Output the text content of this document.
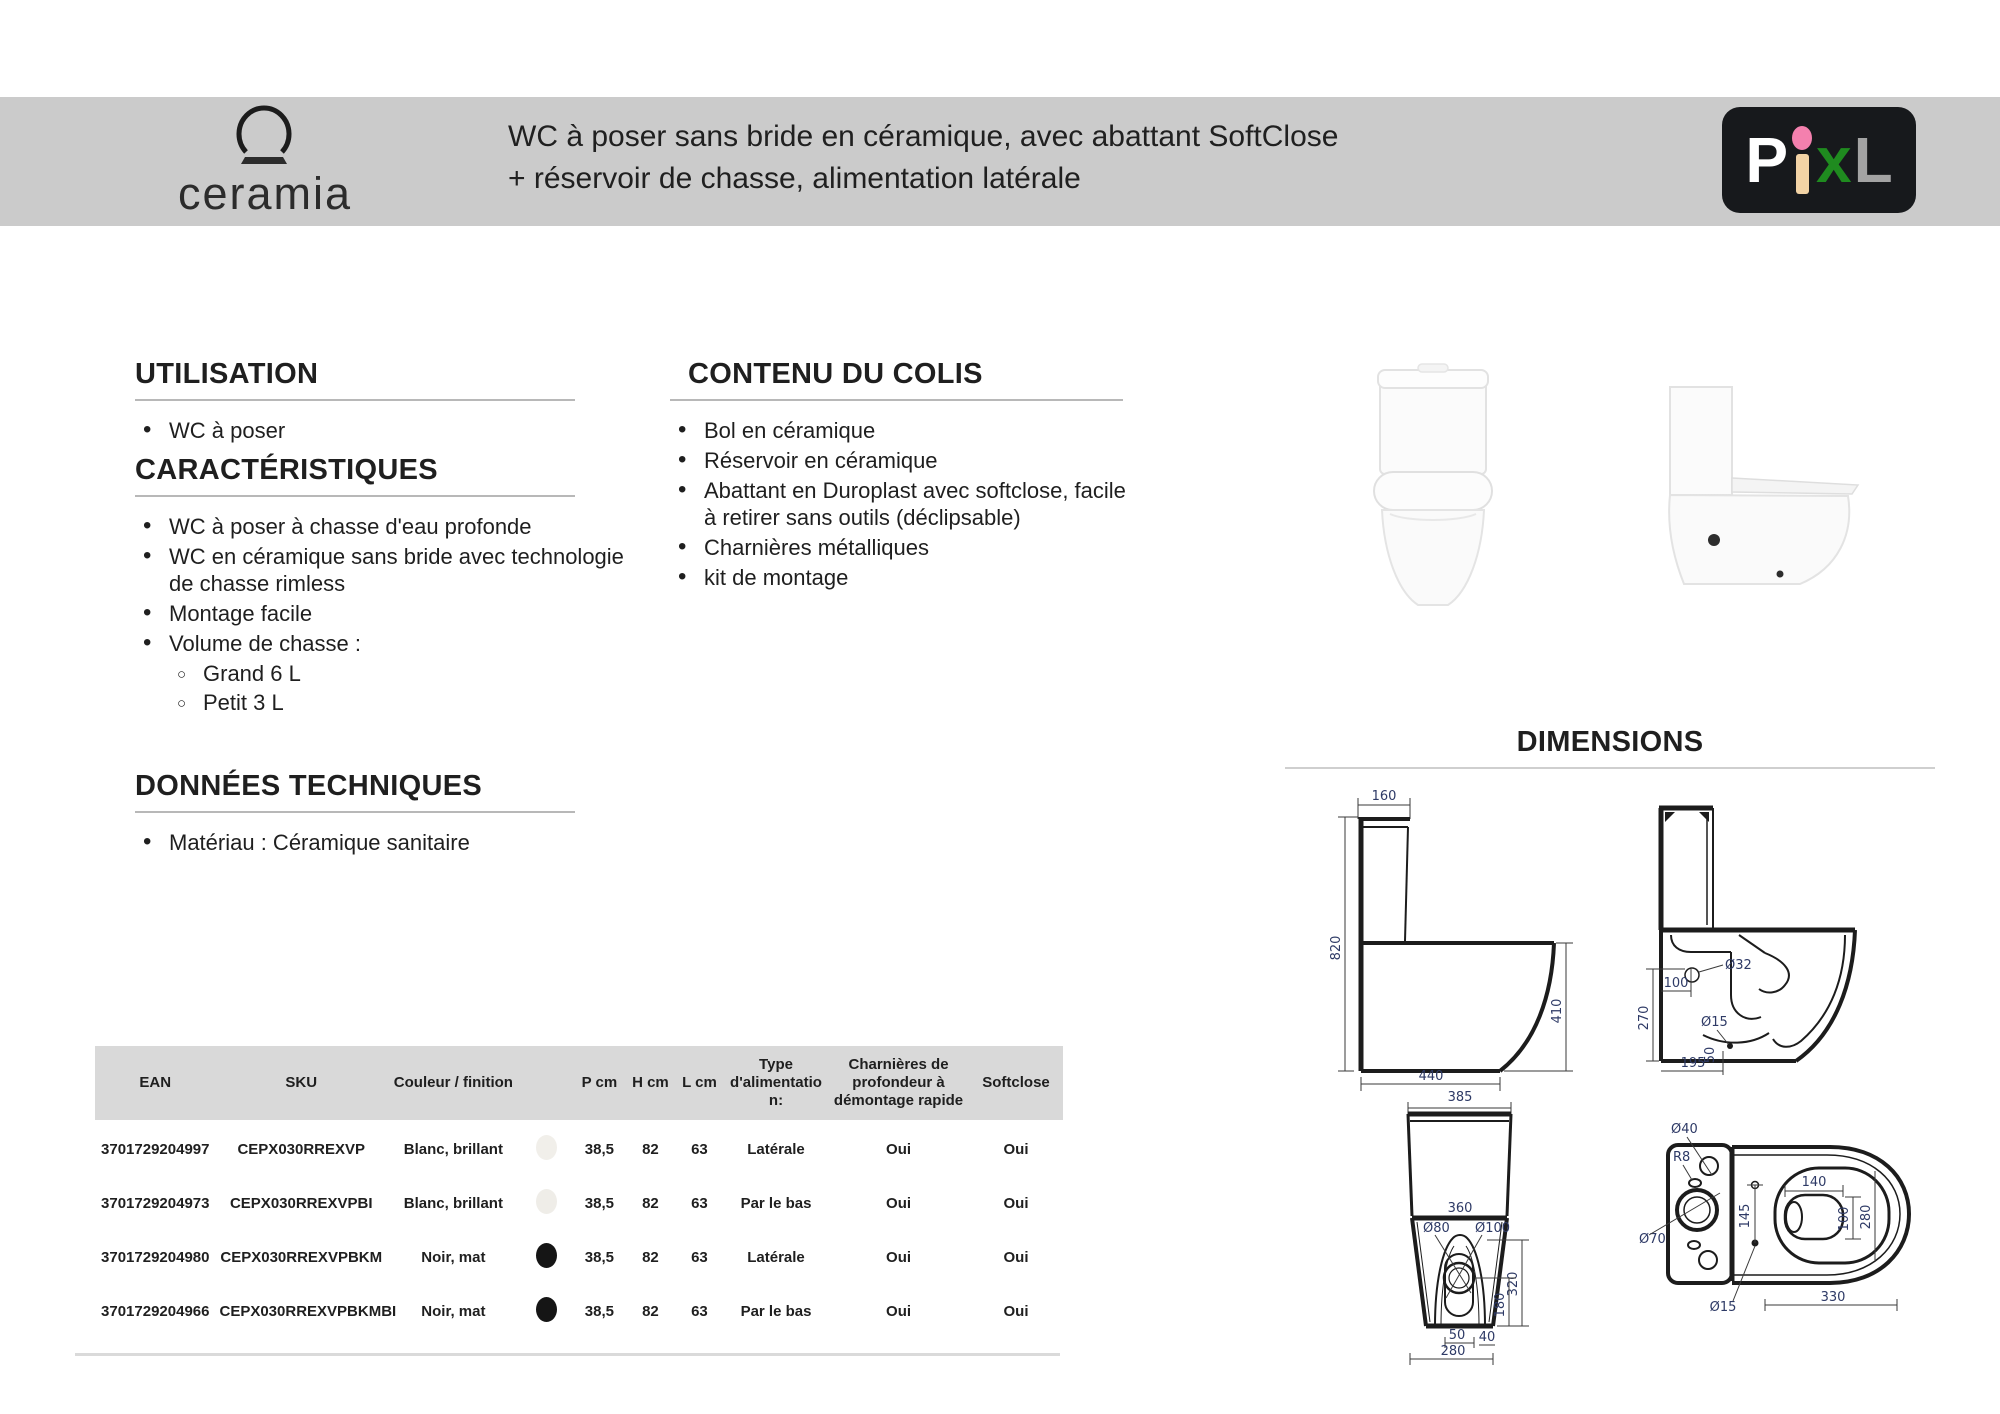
ceramia
WC à poser sans bride en céramique, avec abattant SoftClose
+ réservoir de chasse, alimentation latérale	P x L
UTILISATION
• WC à poser
CARACTÉRISTIQUES
• WC à poser à chasse d'eau profonde
• WC en céramique sans bride avec technologie de chasse rimless
• Montage facile
• Volume de chasse :
○ Grand 6 L
○ Petit 3 L
CONTENU DU COLIS
• Bol en céramique
• Réservoir en céramique
• Abattant en Duroplast avec softclose, facile à retirer sans outils (déclipsable)
• Charnières métalliques
• kit de montage
DONNÉES TECHNIQUES
• Matériau : Céramique sanitaire
DIMENSIONS
160
820
410
440
Ø32
100
270	Ø15
50
195
385
360
Ø80 Ø100
320
180
50 40
280
Ø40
R8
Ø70
145
Ø15
140
100 280
330
EAN	SKU	Couleur / finition		P cm	H cm	L cm	Type d'alimentation:	Charnières de profondeur à démontage rapide	Softclose
3701729204997	CEPX030RREXVP	Blanc, brillant		38,5	82	63	Latérale	Oui	Oui
3701729204973	CEPX030RREXVPBI	Blanc, brillant		38,5	82	63	Par le bas	Oui	Oui
3701729204980	CEPX030RREXVPBKM	Noir, mat		38,5	82	63	Latérale	Oui	Oui
3701729204966	CEPX030RREXVPBKMBI	Noir, mat		38,5	82	63	Par le bas	Oui	Oui
